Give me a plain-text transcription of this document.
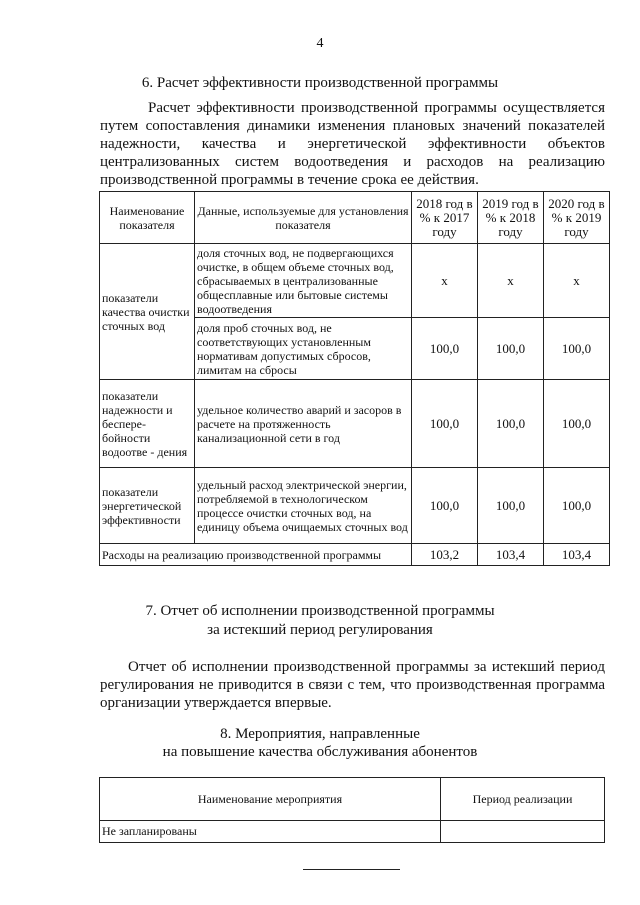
4
6. Расчет эффективности производственной программы
Расчет эффективности производственной программы осуществляется
путем сопоставления динамики изменения плановых значений показателей
надежности, качества и энергетической эффективности объектов
централизованных систем водоотведения и расходов на реализацию
производственной программы в течение срока ее действия.
Наименование показателя	Данные, используемые для установления показателя	2018 год в % к 2017 году	2019 год в % к 2018 году	2020 год в % к 2019 году
показатели качества очистки сточных вод	доля сточных вод, не подвергающихся очистке, в общем объеме сточных вод, сбрасываемых в централизованные общесплавные или бытовые системы водоотведения	х	х	х
	доля проб сточных вод, не соответствующих установленным нормативам допустимых сбросов, лимитам на сбросы	100,0	100,0	100,0
показатели надежности и беспере-бойности водоотве - дения	удельное количество аварий и засоров в расчете на протяженность канализационной сети в год	100,0	100,0	100,0
показатели энергетической эффективности	удельный расход электрической энергии, потребляемой в технологическом процессе очистки сточных вод, на единицу объема очищаемых сточных вод	100,0	100,0	100,0
Расходы на реализацию производственной программы		103,2	103,4	103,4
7. Отчет об исполнении производственной программы
за истекший период регулирования
Отчет об исполнении производственной программы за истекший период
регулирования не приводится в связи с тем, что производственная программа
организации утверждается впервые.
8. Мероприятия, направленные
на повышение качества обслуживания абонентов
Наименование мероприятия	Период реализации
Не запланированы	
